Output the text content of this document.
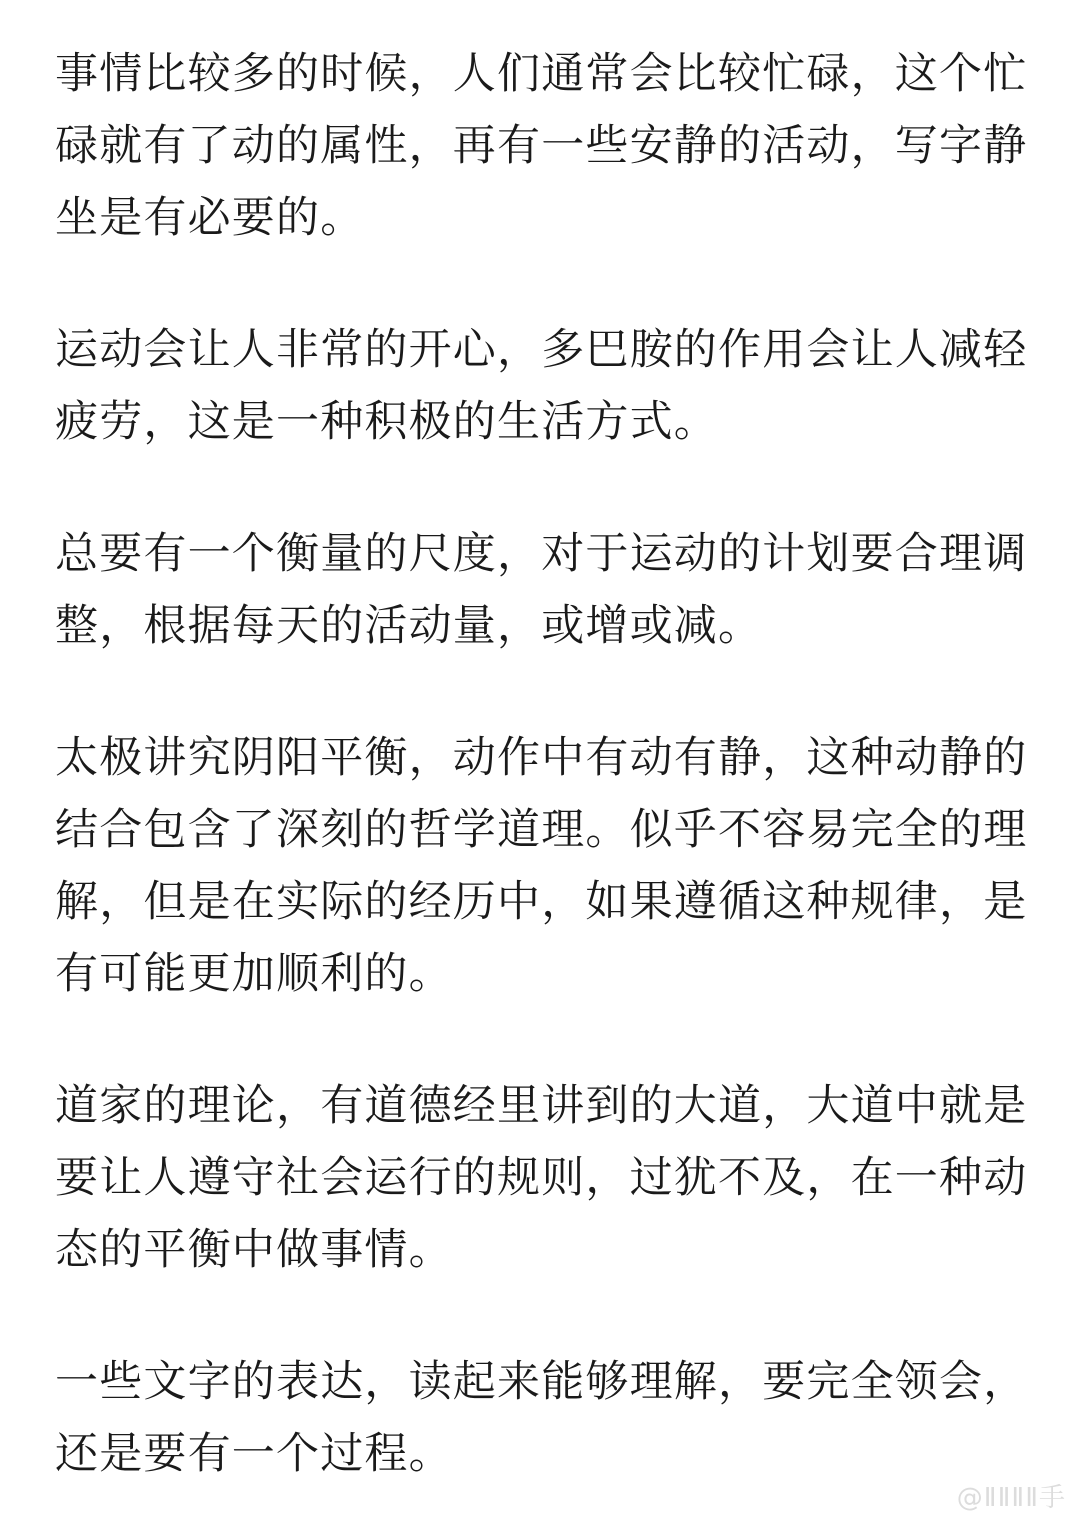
事情比较多的时候，人们通常会比较忙碌，这个忙碌就有了动的属性，再有一些安静的活动，写字静坐是有必要的。

运动会让人非常的开心，多巴胺的作用会让人减轻疲劳，这是一种积极的生活方式。

总要有一个衡量的尺度，对于运动的计划要合理调整，根据每天的活动量，或增或减。

太极讲究阴阳平衡，动作中有动有静，这种动静的结合包含了深刻的哲学道理。似乎不容易完全的理解，但是在实际的经历中，如果遵循这种规律，是有可能更加顺利的。

道家的理论，有道德经里讲到的大道，大道中就是要让人遵守社会运行的规则，过犹不及，在一种动态的平衡中做事情。

一些文字的表达，读起来能够理解，要完全领会，还是要有一个过程。

@ⅡⅡⅡⅡ手
